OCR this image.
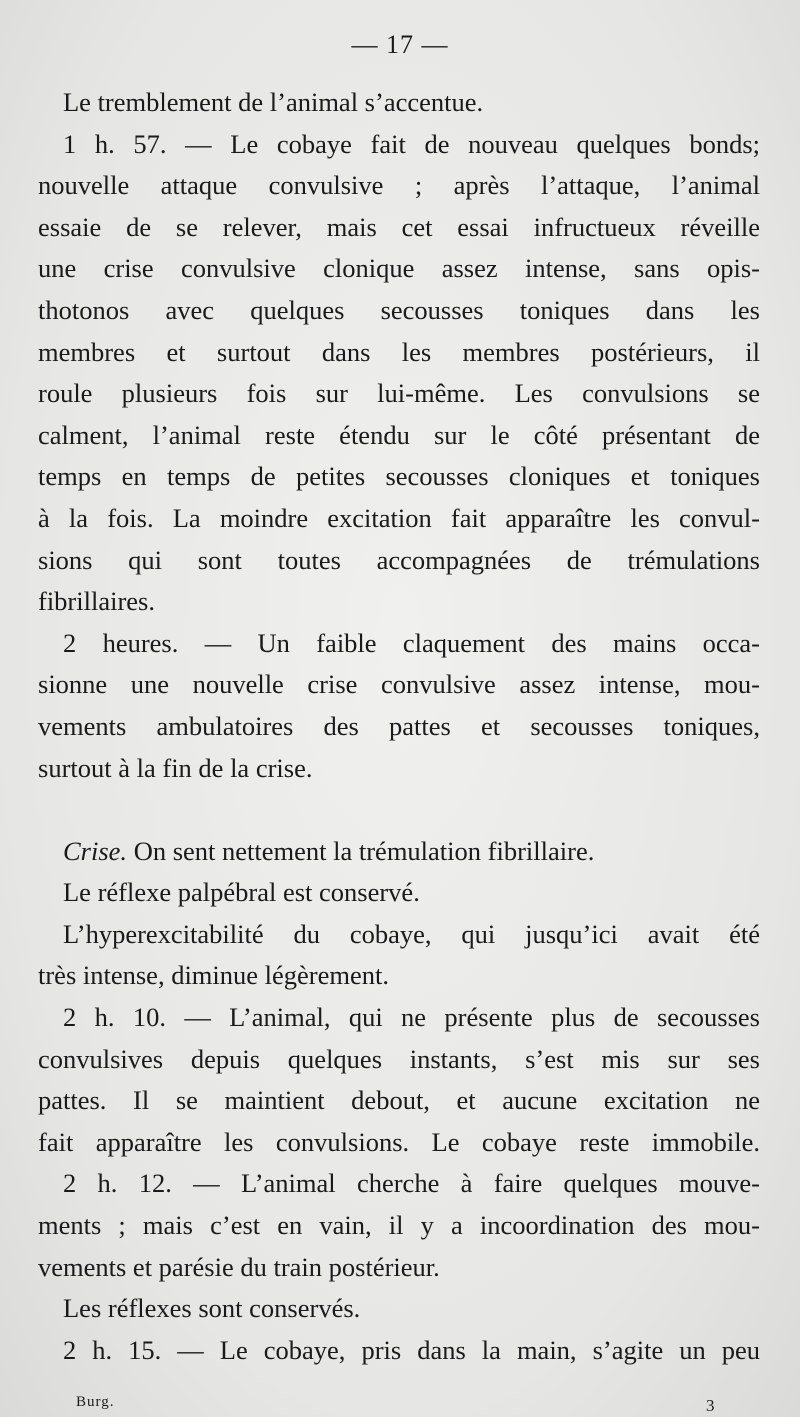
— 17 —
Le tremblement de l’animal s’accentue.
1 h. 57. — Le cobaye fait de nouveau quelques bonds;
nouvelle attaque convulsive ; après l’attaque, l’animal
essaie de se relever, mais cet essai infructueux réveille
une crise convulsive clonique assez intense, sans opis-
thotonos avec quelques secousses toniques dans les
membres et surtout dans les membres postérieurs, il
roule plusieurs fois sur lui-même. Les convulsions se
calment, l’animal reste étendu sur le côté présentant de
temps en temps de petites secousses cloniques et toniques
à la fois. La moindre excitation fait apparaître les convul-
sions qui sont toutes accompagnées de trémulations
fibrillaires.
2 heures. — Un faible claquement des mains occa-
sionne une nouvelle crise convulsive assez intense, mou-
vements ambulatoires des pattes et secousses toniques,
surtout à la fin de la crise.
Crise. On sent nettement la trémulation fibrillaire.
Le réflexe palpébral est conservé.
L’hyperexcitabilité du cobaye, qui jusqu’ici avait été
très intense, diminue légèrement.
2 h. 10. — L’animal, qui ne présente plus de secousses
convulsives depuis quelques instants, s’est mis sur ses
pattes. Il se maintient debout, et aucune excitation ne
fait apparaître les convulsions. Le cobaye reste immobile.
2 h. 12. — L’animal cherche à faire quelques mouve-
ments ; mais c’est en vain, il y a incoordination des mou-
vements et parésie du train postérieur.
Les réflexes sont conservés.
2 h. 15. — Le cobaye, pris dans la main, s’agite un peu
Burg.	3
